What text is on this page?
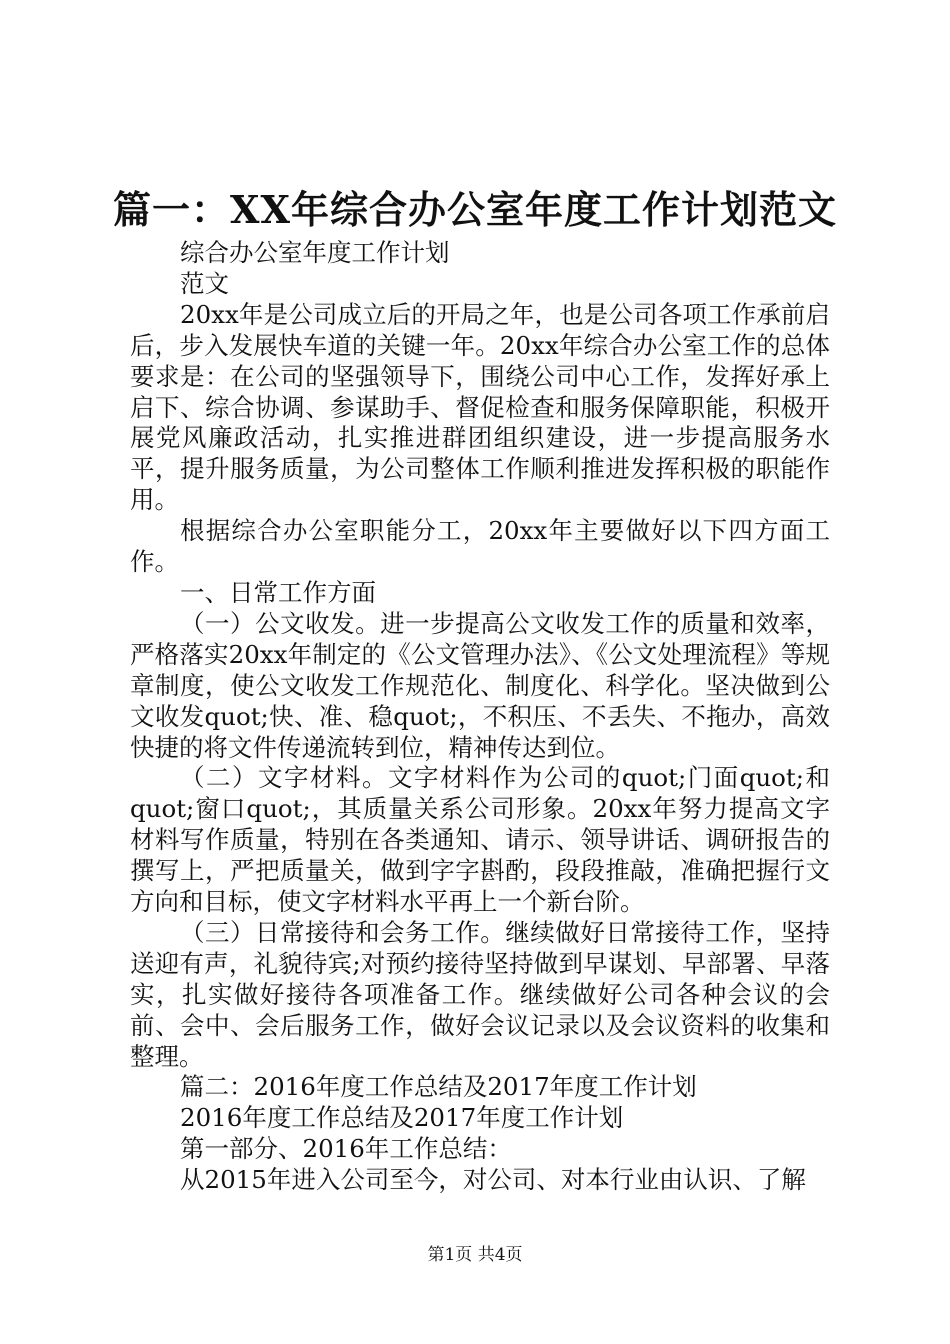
篇一：XX年综合办公室年度工作计划范文

综合办公室年度工作计划

范文

20xx年是公司成立后的开局之年，也是公司各项工作承前启后，步入发展快车道的关键一年。20xx年综合办公室工作的总体要求是：在公司的坚强领导下，围绕公司中心工作，发挥好承上启下、综合协调、参谋助手、督促检查和服务保障职能，积极开展党风廉政活动，扎实推进群团组织建设，进一步提高服务水平，提升服务质量，为公司整体工作顺利推进发挥积极的职能作用。

根据综合办公室职能分工，20xx年主要做好以下四方面工作。

一、日常工作方面

（一）公文收发。进一步提高公文收发工作的质量和效率，严格落实20xx年制定的《公文管理办法》、《公文处理流程》等规章制度，使公文收发工作规范化、制度化、科学化。坚决做到公文收发quot;快、准、稳quot;，不积压、不丢失、不拖办，高效快捷的将文件传递流转到位，精神传达到位。

（二）文字材料。文字材料作为公司的quot;门面quot;和quot;窗口quot;，其质量关系公司形象。20xx年努力提高文字材料写作质量，特别在各类通知、请示、领导讲话、调研报告的撰写上，严把质量关，做到字字斟酌，段段推敲，准确把握行文方向和目标，使文字材料水平再上一个新台阶。

（三）日常接待和会务工作。继续做好日常接待工作，坚持送迎有声，礼貌待宾;对预约接待坚持做到早谋划、早部署、早落实，扎实做好接待各项准备工作。继续做好公司各种会议的会前、会中、会后服务工作，做好会议记录以及会议资料的收集和整理。

篇二：2016年度工作总结及2017年度工作计划

2016年度工作总结及2017年度工作计划

第一部分、2016年工作总结：

从2015年进入公司至今，对公司、对本行业由认识、了解

第1页 共4页
